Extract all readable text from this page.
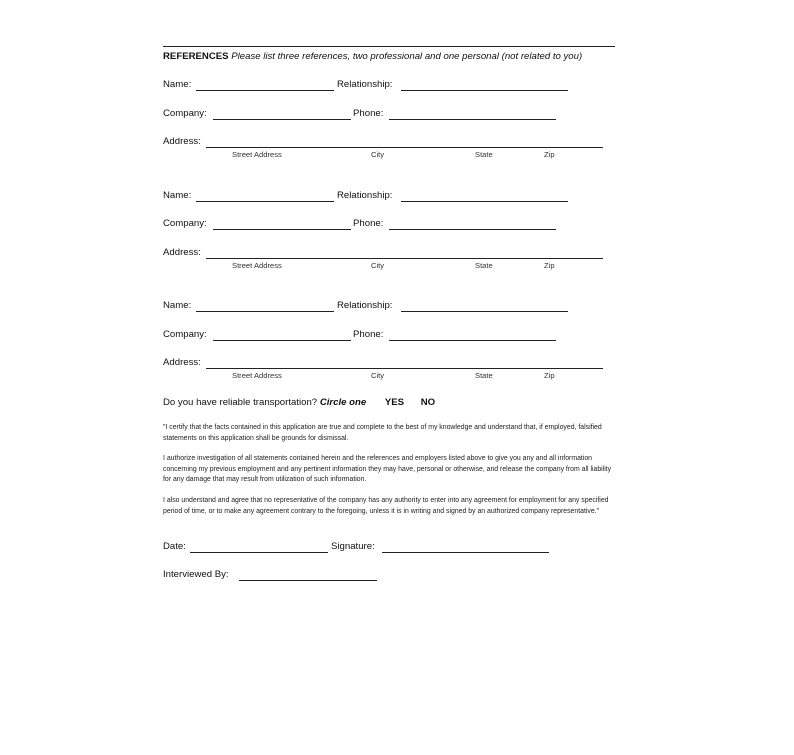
REFERENCES Please list three references, two professional and one personal (not related to you)
Name:	Relationship:
Company:	Phone:
Address:
Street Address	City	State	Zip
Name:	Relationship:
Company:	Phone:
Address:
Street Address	City	State	Zip
Name:	Relationship:
Company:	Phone:
Address:
Street Address	City	State	Zip
Do you have reliable transportation? Circle one YES NO

"I certify that the facts contained in this application are true and complete to the best of my knowledge and understand that, if employed, falsified statements on this application shall be grounds for dismissal.

I authorize investigation of all statements contained herein and the references and employers listed above to give you any and all information concerning my previous employment and any pertinent information they may have, personal or otherwise, and release the company from all liability for any damage that may result from utilization of such information.

I also understand and agree that no representative of the company has any authority to enter into any agreement for employment for any specified period of time, or to make any agreement contrary to the foregoing, unless it is in writing and signed by an authorized company representative."

Date:	Signature:
Interviewed By:
